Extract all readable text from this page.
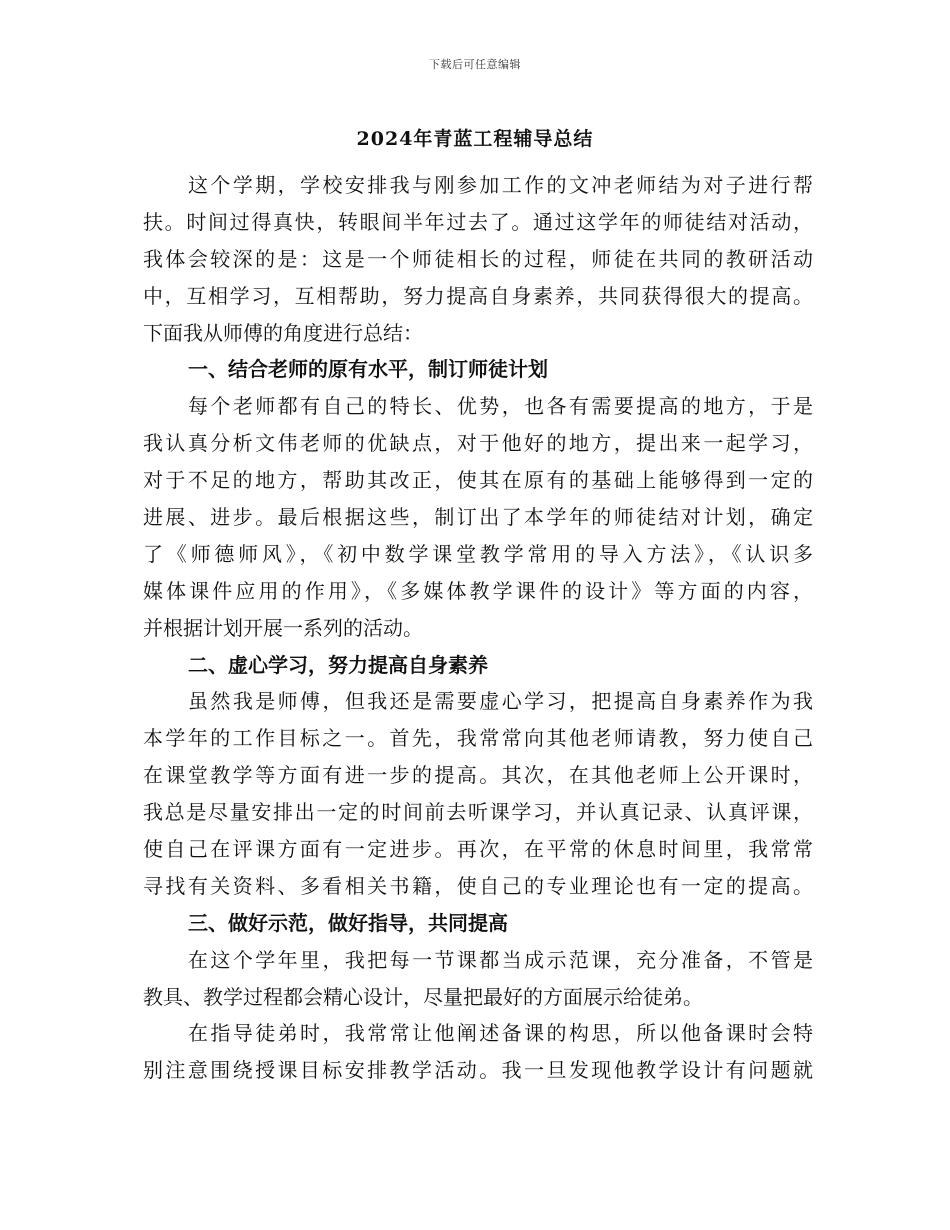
下载后可任意编辑
2024年青蓝工程辅导总结
这个学期，学校安排我与刚参加工作的文冲老师结为对子进行帮
扶。时间过得真快，转眼间半年过去了。通过这学年的师徒结对活动，
我体会较深的是：这是一个师徒相长的过程，师徒在共同的教研活动
中，互相学习，互相帮助，努力提高自身素养，共同获得很大的提高。
下面我从师傅的角度进行总结：
一、结合老师的原有水平，制订师徒计划
每个老师都有自己的特长、优势，也各有需要提高的地方，于是
我认真分析文伟老师的优缺点，对于他好的地方，提出来一起学习，
对于不足的地方，帮助其改正，使其在原有的基础上能够得到一定的
进展、进步。最后根据这些，制订出了本学年的师徒结对计划，确定
了《师德师风》，《初中数学课堂教学常用的导入方法》，《认识多
媒体课件应用的作用》，《多媒体教学课件的设计》等方面的内容，
并根据计划开展一系列的活动。
二、虚心学习，努力提高自身素养
虽然我是师傅，但我还是需要虚心学习，把提高自身素养作为我
本学年的工作目标之一。首先，我常常向其他老师请教，努力使自己
在课堂教学等方面有进一步的提高。其次，在其他老师上公开课时，
我总是尽量安排出一定的时间前去听课学习，并认真记录、认真评课，
使自己在评课方面有一定进步。再次，在平常的休息时间里，我常常
寻找有关资料、多看相关书籍，使自己的专业理论也有一定的提高。
三、做好示范，做好指导，共同提高
在这个学年里，我把每一节课都当成示范课，充分准备，不管是
教具、教学过程都会精心设计，尽量把最好的方面展示给徒弟。
在指导徒弟时，我常常让他阐述备课的构思，所以他备课时会特
别注意围绕授课目标安排教学活动。我一旦发现他教学设计有问题就
